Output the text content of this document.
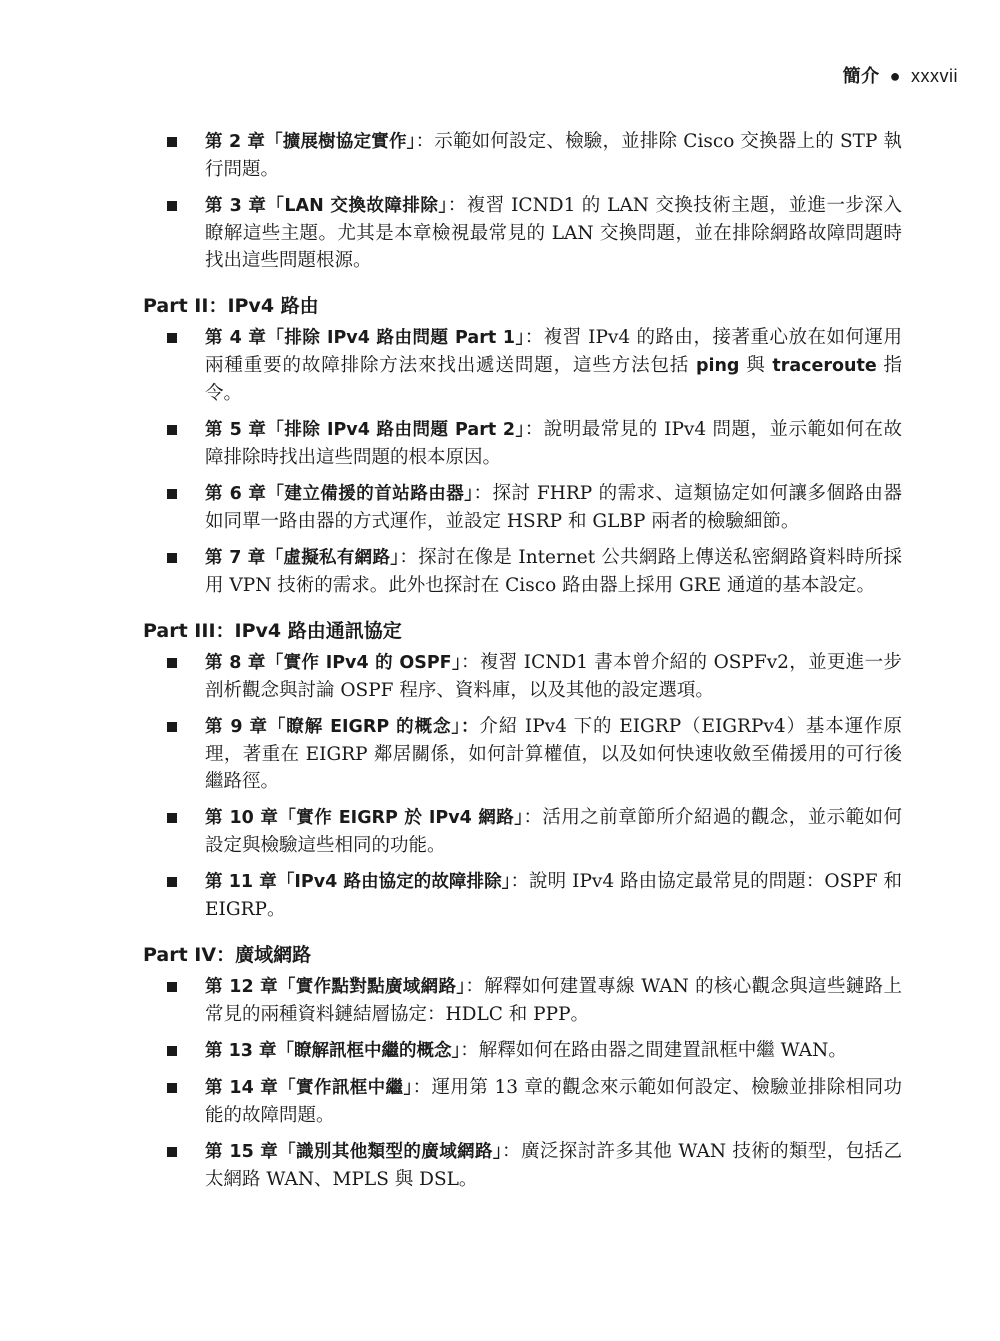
簡介 ● xxxvii
第 2 章「擴展樹協定實作」：示範如何設定、檢驗，並排除 Cisco 交換器上的 STP 執行問題。
第 3 章「LAN 交換故障排除」：複習 ICND1 的 LAN 交換技術主題，並進一步深入瞭解這些主題。尤其是本章檢視最常見的 LAN 交換問題，並在排除網路故障問題時找出這些問題根源。
Part II：IPv4 路由
第 4 章「排除 IPv4 路由問題 Part 1」：複習 IPv4 的路由，接著重心放在如何運用兩種重要的故障排除方法來找出遞送問題，這些方法包括 ping 與 traceroute 指令。
第 5 章「排除 IPv4 路由問題 Part 2」：說明最常見的 IPv4 問題，並示範如何在故障排除時找出這些問題的根本原因。
第 6 章「建立備援的首站路由器」：探討 FHRP 的需求、這類協定如何讓多個路由器如同單一路由器的方式運作，並設定 HSRP 和 GLBP 兩者的檢驗細節。
第 7 章「虛擬私有網路」：探討在像是 Internet 公共網路上傳送私密網路資料時所採用 VPN 技術的需求。此外也探討在 Cisco 路由器上採用 GRE 通道的基本設定。
Part III：IPv4 路由通訊協定
第 8 章「實作 IPv4 的 OSPF」：複習 ICND1 書本曾介紹的 OSPFv2，並更進一步剖析觀念與討論 OSPF 程序、資料庫，以及其他的設定選項。
第 9 章「瞭解 EIGRP 的概念」：介紹 IPv4 下的 EIGRP（EIGRPv4）基本運作原理，著重在 EIGRP 鄰居關係，如何計算權值，以及如何快速收斂至備援用的可行後繼路徑。
第 10 章「實作 EIGRP 於 IPv4 網路」：活用之前章節所介紹過的觀念，並示範如何設定與檢驗這些相同的功能。
第 11 章「IPv4 路由協定的故障排除」：說明 IPv4 路由協定最常見的問題：OSPF 和 EIGRP。
Part IV：廣域網路
第 12 章「實作點對點廣域網路」：解釋如何建置專線 WAN 的核心觀念與這些鏈路上常見的兩種資料鏈結層協定：HDLC 和 PPP。
第 13 章「瞭解訊框中繼的概念」：解釋如何在路由器之間建置訊框中繼 WAN。
第 14 章「實作訊框中繼」：運用第 13 章的觀念來示範如何設定、檢驗並排除相同功能的故障問題。
第 15 章「識別其他類型的廣域網路」：廣泛探討許多其他 WAN 技術的類型，包括乙太網路 WAN、MPLS 與 DSL。
